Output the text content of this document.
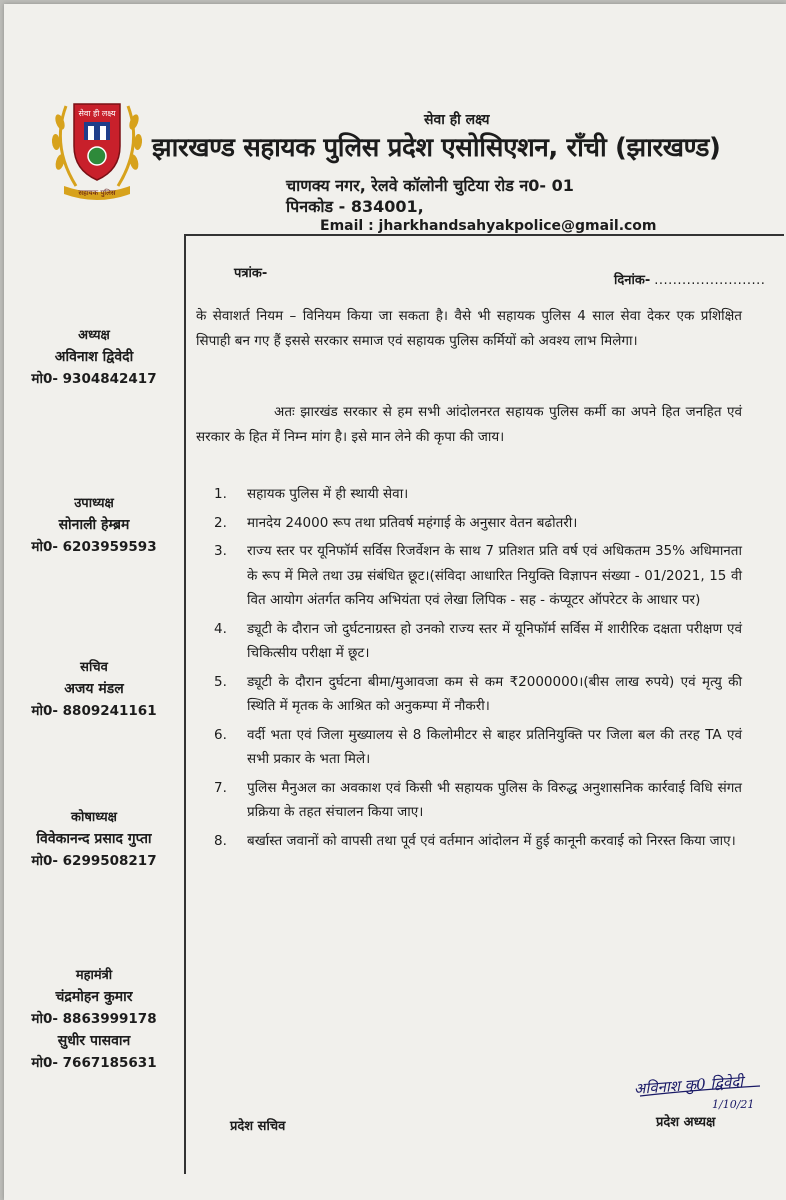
सेवा ही लक्ष्य
सहायक पुलिस
सेवा ही लक्ष्य
झारखण्ड सहायक पुलिस प्रदेश एसोसिएशन, राँची (झारखण्ड)
चाणक्य नगर, रेलवे कॉलोनी चुटिया रोड न0- 01
पिनकोड - 834001,
Email : jharkhandsahyakpolice@gmail.com
पत्रांक-	दिनांक- ........................
अध्यक्ष
अविनाश द्विवेदी
मो0- 9304842417
उपाध्यक्ष
सोनाली हेम्ब्रम
मो0- 6203959593
सचिव
अजय मंडल
मो0- 8809241161
कोषाध्यक्ष
विवेकानन्द प्रसाद गुप्ता
मो0- 6299508217
महामंत्री
चंद्रमोहन कुमार
मो0- 8863999178
सुधीर पासवान
मो0- 7667185631
के सेवाशर्त नियम – विनियम किया जा सकता है। वैसे भी सहायक पुलिस 4 साल सेवा देकर एक प्रशिक्षित सिपाही बन गए हैं इससे सरकार समाज एवं सहायक पुलिस कर्मियों को अवश्य लाभ मिलेगा।
अतः झारखंड सरकार से हम सभी आंदोलनरत सहायक पुलिस कर्मी का अपने हित जनहित एवं सरकार के हित में निम्न मांग है। इसे मान लेने की कृपा की जाय।
1.	सहायक पुलिस में ही स्थायी सेवा।
2.	मानदेय 24000 रूप तथा प्रतिवर्ष महंगाई के अनुसार वेतन बढोतरी।
3.	राज्य स्तर पर यूनिफॉर्म सर्विस रिजर्वेशन के साथ 7 प्रतिशत प्रति वर्ष एवं अधिकतम 35% अधिमानता के रूप में मिले तथा उम्र संबंधित छूट।(संविदा आधारित नियुक्ति विज्ञापन संख्या - 01/2021, 15 वी वित आयोग अंतर्गत कनिय अभियंता एवं लेखा लिपिक - सह - कंप्यूटर ऑपरेटर के आधार पर)
4.	ड्यूटी के दौरान जो दुर्घटनाग्रस्त हो उनको राज्य स्तर में यूनिफॉर्म सर्विस में शारीरिक दक्षता परीक्षण एवं चिकित्सीय परीक्षा में छूट।
5.	ड्यूटी के दौरान दुर्घटना बीमा/मुआवजा कम से कम ₹2000000।(बीस लाख रुपये) एवं मृत्यु की स्थिति में मृतक के आश्रित को अनुकम्पा में नौकरी।
6.	वर्दी भता एवं जिला मुख्यालय से 8 किलोमीटर से बाहर प्रतिनियुक्ति पर जिला बल की तरह TA एवं सभी प्रकार के भता मिले।
7.	पुलिस मैनुअल का अवकाश एवं किसी भी सहायक पुलिस के विरुद्ध अनुशासनिक कार्रवाई विधि संगत प्रक्रिया के तहत संचालन किया जाए।
8.	बर्खास्त जवानों को वापसी तथा पूर्व एवं वर्तमान आंदोलन में हुई कानूनी करवाई को निरस्त किया जाए।
अविनाश कु0 द्विवेदी
1/10/21
प्रदेश सचिव	प्रदेश अध्यक्ष
